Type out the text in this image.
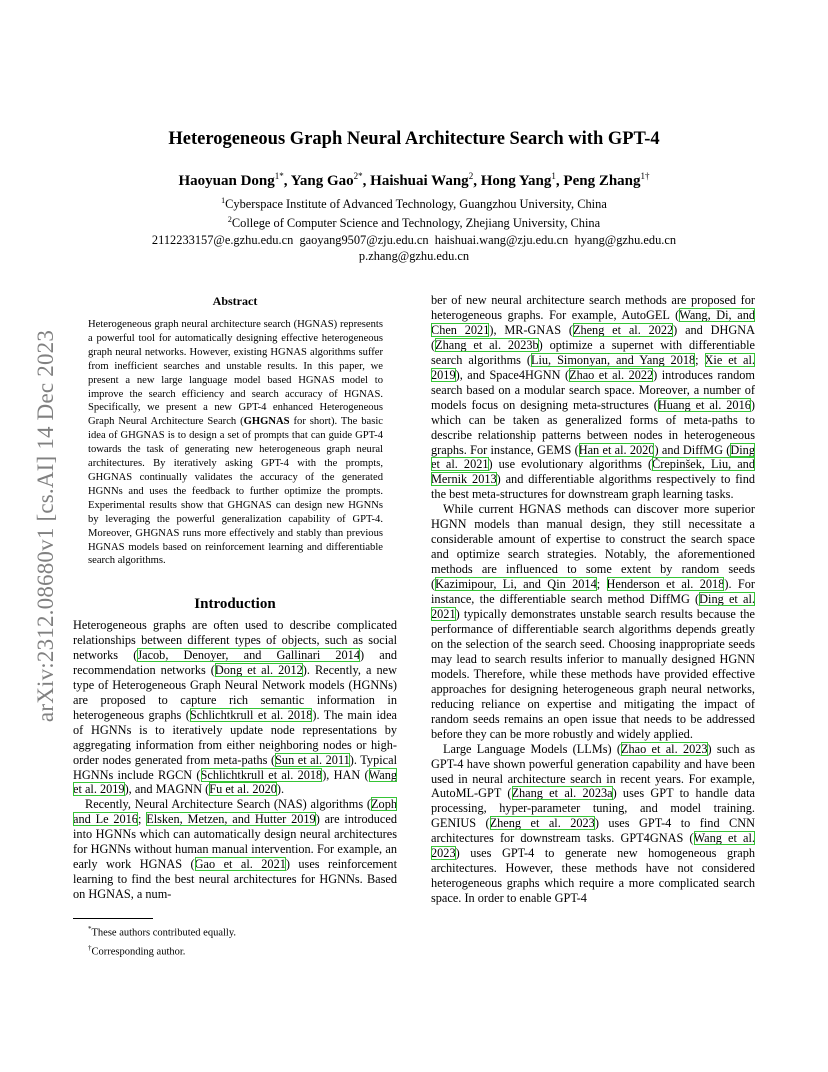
arXiv:2312.08680v1 [cs.AI] 14 Dec 2023
Heterogeneous Graph Neural Architecture Search with GPT-4
Haoyuan Dong$^{1*}$, Yang Gao$^{2*}$, Haishuai Wang$^2$, Hong Yang$^1$, Peng Zhang$^{1\dagger}$
$^1$Cyberspace Institute of Advanced Technology, Guangzhou University, China
$^2$College of Computer Science and Technology, Zhejiang University, China
2112233157@e.gzhu.edu.cn  gaoyang9507@zju.edu.cn  haishuai.wang@zju.edu.cn  hyang@gzhu.edu.cn
p.zhang@gzhu.edu.cn
Abstract
Heterogeneous graph neural architecture search (HGNAS) represents a powerful tool for automatically designing effective heterogeneous graph neural networks. However, existing HGNAS algorithms suffer from inefficient searches and unstable results. In this paper, we present a new large language model based HGNAS model to improve the search efficiency and search accuracy of HGNAS. Specifically, we present a new GPT-4 enhanced Heterogeneous Graph Neural Architecture Search (GHGNAS for short). The basic idea of GHGNAS is to design a set of prompts that can guide GPT-4 towards the task of generating new heterogeneous graph neural architectures. By iteratively asking GPT-4 with the prompts, GHGNAS continually validates the accuracy of the generated HGNNs and uses the feedback to further optimize the prompts. Experimental results show that GHGNAS can design new HGNNs by leveraging the powerful generalization capability of GPT-4. Moreover, GHGNAS runs more effectively and stably than previous HGNAS models based on reinforcement learning and differentiable search algorithms.
Introduction

Heterogeneous graphs are often used to describe complicated relationships between different types of objects, such as social networks (Jacob, Denoyer, and Gallinari 2014) and recommendation networks (Dong et al. 2012). Recently, a new type of Heterogeneous Graph Neural Network models (HGNNs) are proposed to capture rich semantic information in heterogeneous graphs (Schlichtkrull et al. 2018). The main idea of HGNNs is to iteratively update node representations by aggregating information from either neighboring nodes or high-order nodes generated from meta-paths (Sun et al. 2011). Typical HGNNs include RGCN (Schlichtkrull et al. 2018), HAN (Wang et al. 2019), and MAGNN (Fu et al. 2020).

Recently, Neural Architecture Search (NAS) algorithms (Zoph and Le 2016; Elsken, Metzen, and Hutter 2019) are introduced into HGNNs which can automatically design neural architectures for HGNNs without human manual intervention. For example, an early work HGNAS (Gao et al. 2021) uses reinforcement learning to find the best neural architectures for HGNNs. Based on HGNAS, a num-

ber of new neural architecture search methods are proposed for heterogeneous graphs. For example, AutoGEL (Wang, Di, and Chen 2021), MR-GNAS (Zheng et al. 2022) and DHGNA (Zhang et al. 2023b) optimize a supernet with differentiable search algorithms (Liu, Simonyan, and Yang 2018; Xie et al. 2019), and Space4HGNN (Zhao et al. 2022) introduces random search based on a modular search space. Moreover, a number of models focus on designing meta-structures (Huang et al. 2016) which can be taken as generalized forms of meta-paths to describe relationship patterns between nodes in heterogeneous graphs. For instance, GEMS (Han et al. 2020) and DiffMG (Ding et al. 2021) use evolutionary algorithms (Črepinšek, Liu, and Mernik 2013) and differentiable algorithms respectively to find the best meta-structures for downstream graph learning tasks.

While current HGNAS methods can discover more superior HGNN models than manual design, they still necessitate a considerable amount of expertise to construct the search space and optimize search strategies. Notably, the aforementioned methods are influenced to some extent by random seeds (Kazimipour, Li, and Qin 2014; Henderson et al. 2018). For instance, the differentiable search method DiffMG (Ding et al. 2021) typically demonstrates unstable search results because the performance of differentiable search algorithms depends greatly on the selection of the search seed. Choosing inappropriate seeds may lead to search results inferior to manually designed HGNN models. Therefore, while these methods have provided effective approaches for designing heterogeneous graph neural networks, reducing reliance on expertise and mitigating the impact of random seeds remains an open issue that needs to be addressed before they can be more robustly and widely applied.

Large Language Models (LLMs) (Zhao et al. 2023) such as GPT-4 have shown powerful generation capability and have been used in neural architecture search in recent years. For example, AutoML-GPT (Zhang et al. 2023a) uses GPT to handle data processing, hyper-parameter tuning, and model training. GENIUS (Zheng et al. 2023) uses GPT-4 to find CNN architectures for downstream tasks. GPT4GNAS (Wang et al. 2023) uses GPT-4 to generate new homogeneous graph architectures. However, these methods have not considered heterogeneous graphs which require a more complicated search space. In order to enable GPT-4

*These authors contributed equally.
†Corresponding author.
